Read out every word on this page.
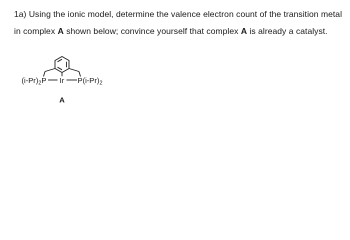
1a) Using the ionic model, determine the valence electron count of the transition metal in complex A shown below; convince yourself that complex A is already a catalyst.

$(i-Pr)_2P$ Ir $P(i-Pr)_2$
A
